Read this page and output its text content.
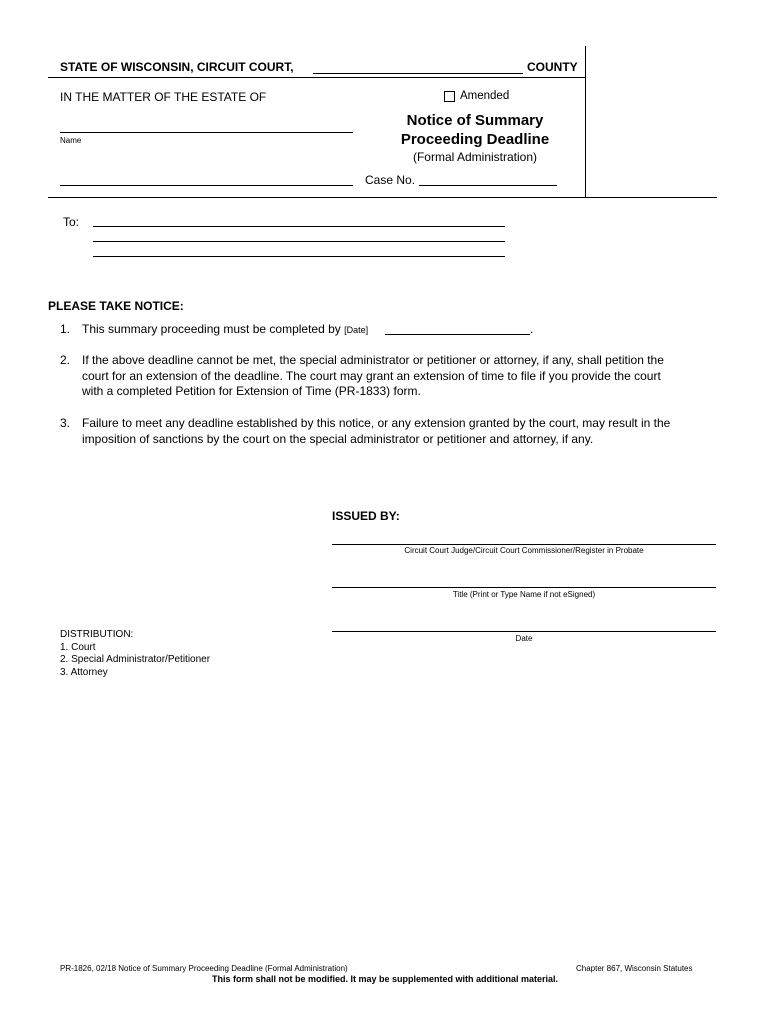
STATE OF WISCONSIN, CIRCUIT COURT,	COUNTY
IN THE MATTER OF THE ESTATE OF	Amended
Name
Notice of Summary
Proceeding Deadline
(Formal Administration)
Case No.
To:
PLEASE TAKE NOTICE:
1. This summary proceeding must be completed by [Date]	.
2. If the above deadline cannot be met, the special administrator or petitioner or attorney, if any, shall petition the
court for an extension of the deadline. The court may grant an extension of time to file if you provide the court
with a completed Petition for Extension of Time (PR-1833) form.
3. Failure to meet any deadline established by this notice, or any extension granted by the court, may result in the
imposition of sanctions by the court on the special administrator or petitioner and attorney, if any.
ISSUED BY:
Circuit Court Judge/Circuit Court Commissioner/Register in Probate
Title (Print or Type Name if not eSigned)
Date
DISTRIBUTION:
1. Court
2. Special Administrator/Petitioner
3. Attorney
PR-1826, 02/18 Notice of Summary Proceeding Deadline (Formal Administration)	Chapter 867, Wisconsin Statutes
This form shall not be modified. It may be supplemented with additional material.
